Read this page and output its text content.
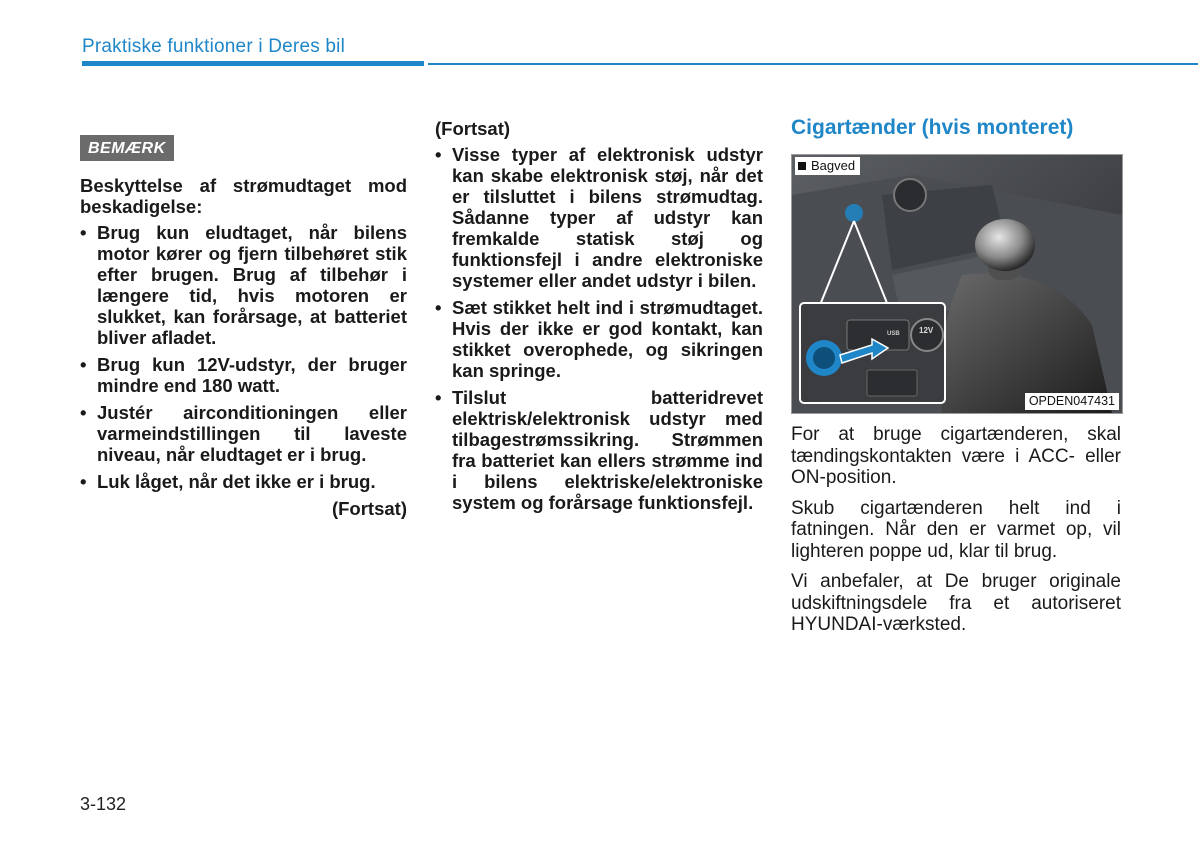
Praktiske funktioner i Deres bil
BEMÆRK
Beskyttelse af strømudtaget mod beskadigelse:
• Brug kun eludtaget, når bilens motor kører og fjern tilbehøret stik efter brugen. Brug af tilbehør i længere tid, hvis motoren er slukket, kan forårsage, at batteriet bliver afladet.
• Brug kun 12V-udstyr, der bruger mindre end 180 watt.
• Justér airconditioningen eller varmeindstillingen til laveste niveau, når eludtaget er i brug.
• Luk låget, når det ikke er i brug.
(Fortsat)
(Fortsat)
• Visse typer af elektronisk udstyr kan skabe elektronisk støj, når det er tilsluttet i bilens strømudtag. Sådanne typer af udstyr kan fremkalde statisk støj og funktionsfejl i andre elektroniske systemer eller andet udstyr i bilen.
• Sæt stikket helt ind i strømudtaget. Hvis der ikke er god kontakt, kan stikket overophede, og sikringen kan springe.
• Tilslut batteridrevet elektrisk/elektronisk udstyr med tilbagestrømssikring. Strømmen fra batteriet kan ellers strømme ind i bilens elektriske/elektroniske system og forårsage funktionsfejl.
Cigartænder (hvis monteret)
USB 12V
Bagved
OPDEN047431

For at bruge cigartænderen, skal tændingskontakten være i ACC- eller ON-position.

Skub cigartænderen helt ind i fatningen. Når den er varmet op, vil lighteren poppe ud, klar til brug.

Vi anbefaler, at De bruger originale udskiftningsdele fra et autoriseret HYUNDAI-værksted.

3-132
